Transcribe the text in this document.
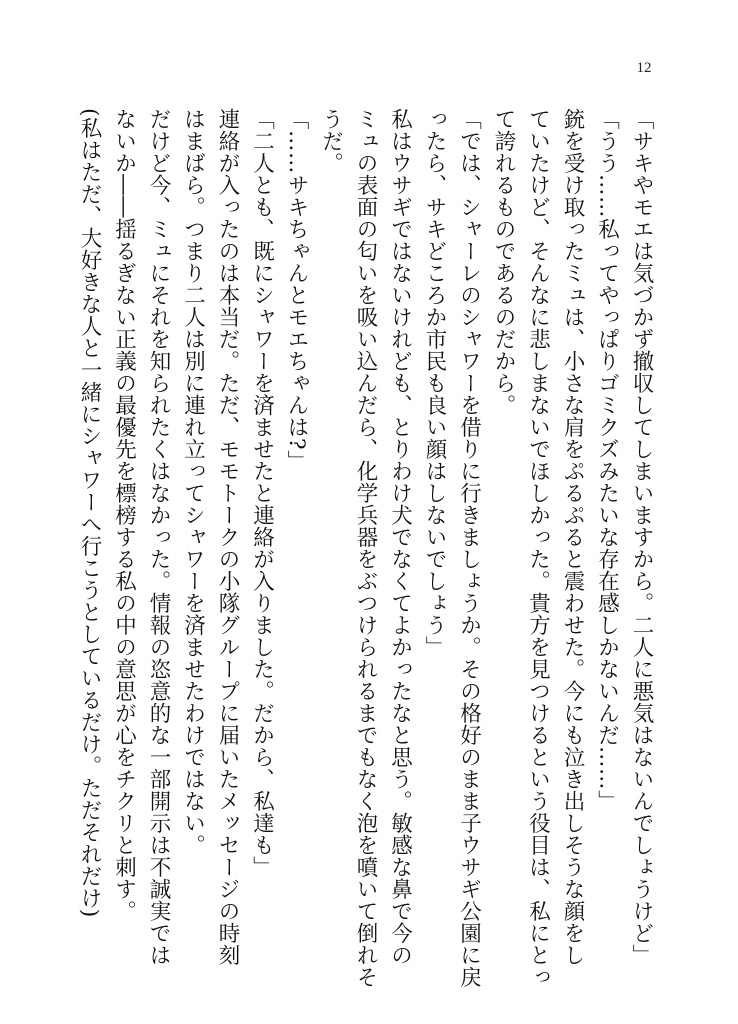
12
「サキやモエは気づかず撤収してしまいますから。二人に悪気はないんでしょうけど」
「うう……私ってやっぱりゴミクズみたいな存在感しかないんだ……」
銃を受け取ったミュは、小さな肩をぷるぷると震わせた。今にも泣き出しそうな顔をし
ていたけど、そんなに悲しまないでほしかった。貴方を見つけるという役目は、私にとっ
て誇れるものであるのだから。
「では、シャーレのシャワーを借りに行きましょうか。その格好のまま子ウサギ公園に戻
ったら、サキどころか市民も良い顔はしないでしょう」
私はウサギではないけれども、とりわけ犬でなくてよかったなと思う。敏感な鼻で今の
ミュの表面の匂いを吸い込んだら、化学兵器をぶつけられるまでもなく泡を噴いて倒れそ
うだ。
「……サキちゃんとモエちゃんは?」
「二人とも、既にシャワーを済ませたと連絡が入りました。だから、私達も」
連絡が入ったのは本当だ。ただ、モモトークの小隊グループに届いたメッセージの時刻
はまばら。つまり二人は別に連れ立ってシャワーを済ませたわけではない。
だけど今、ミュにそれを知られたくはなかった。情報の恣意的な一部開示は不誠実では
ないか――揺るぎない正義の最優先を標榜する私の中の意思が心をチクリと刺す。
(私はただ、大好きな人と一緒にシャワーへ行こうとしているだけ。ただそれだけ)
